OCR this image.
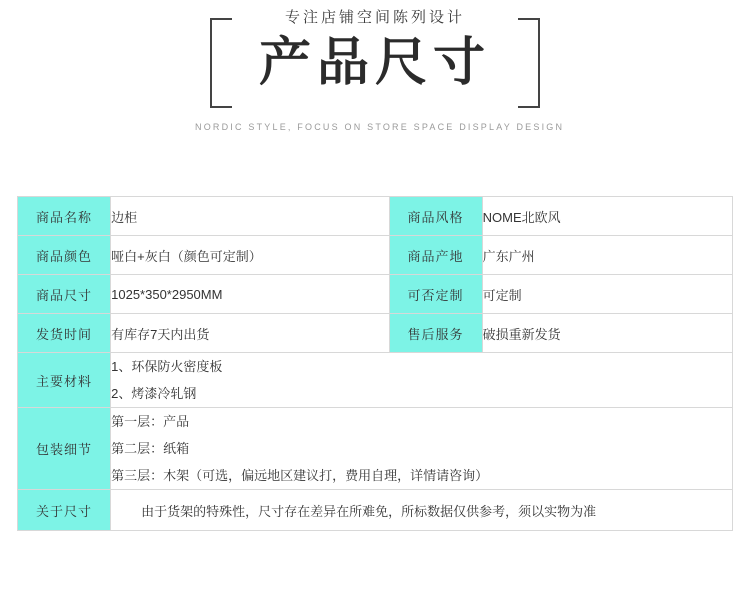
专注店铺空间陈列设计
产品尺寸
NORDIC STYLE, FOCUS ON STORE SPACE DISPLAY DESIGN
商品名称	边柜	商品风格	NOME北欧风
商品颜色	哑白+灰白（颜色可定制）	商品产地	广东广州
商品尺寸	1025*350*2950MM	可否定制	可定制
发货时间	有库存7天内出货	售后服务	破损重新发货
主要材料	1、环保防火密度板
2、烤漆冷轧钢		

包装细节	第一层：产品
第二层：纸箱
第三层：木架（可选，偏远地区建议打，费用自理，详情请咨询）		

关于尺寸	由于货架的特殊性，尺寸存在差异在所难免，所标数据仅供参考，须以实物为准		
